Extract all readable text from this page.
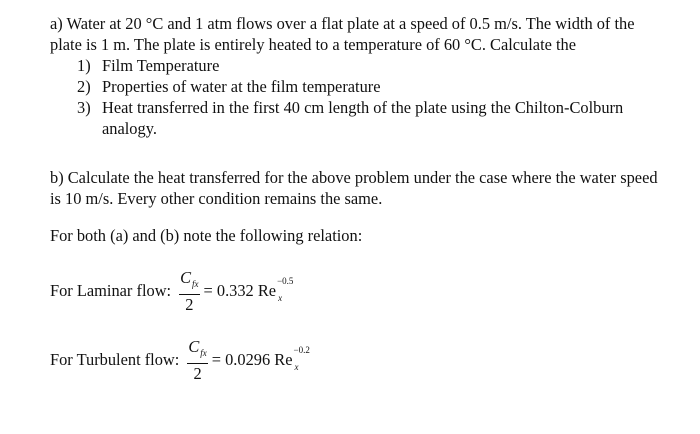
a) Water at 20 °C and 1 atm flows over a flat plate at a speed of 0.5 m/s. The width of the plate is 1 m. The plate is entirely heated to a temperature of 60 °C. Calculate the

1) Film Temperature
2) Properties of water at the film temperature
3) Heat transferred in the first 40 cm length of the plate using the Chilton-Colburn analogy.

b) Calculate the heat transferred for the above problem under the case where the water speed is 10 m/s. Every other condition remains the same.

For both (a) and (b) note the following relation:

For Laminar flow: $\frac{C_{fx}}{2} = 0.332$ Re −0.5
x
For Turbulent flow: $\frac{C_{fx}}{2} = 0.0296$ Re −0.2
x
